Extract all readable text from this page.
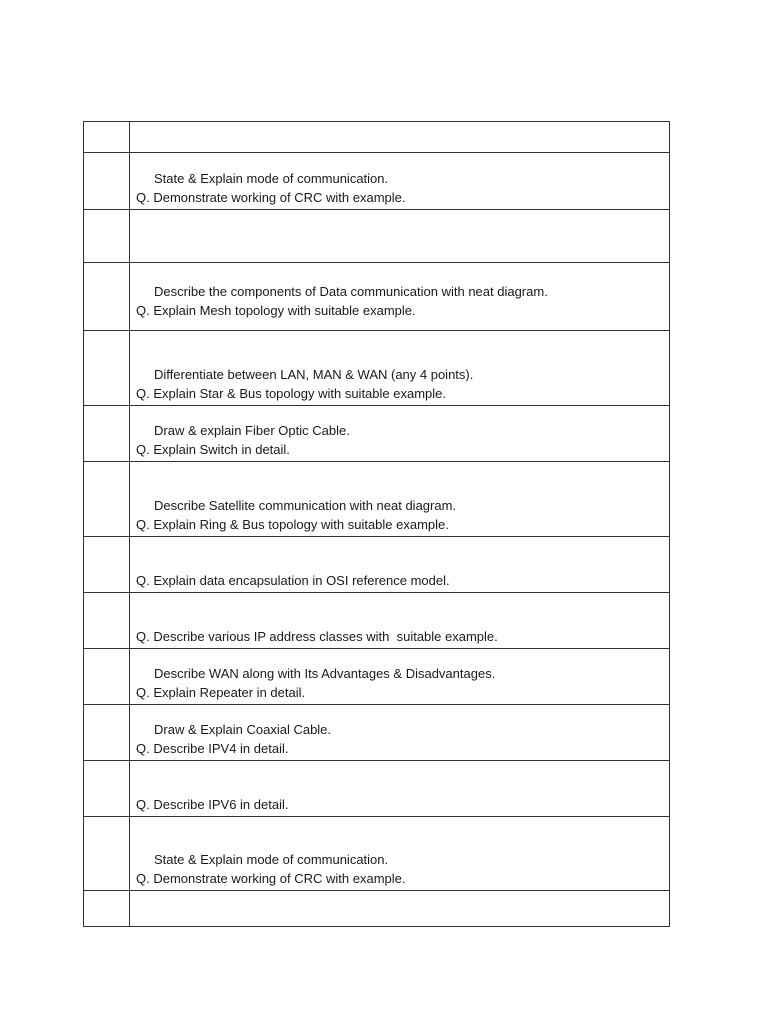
	State & Explain mode of communication.
Q. Demonstrate working of CRC with example.

	Describe the components of Data communication with neat diagram.
Q. Explain Mesh topology with suitable example.

	Differentiate between LAN, MAN & WAN (any 4 points).
Q. Explain Star & Bus topology with suitable example.

	Draw & explain Fiber Optic Cable.
Q. Explain Switch in detail.

	Describe Satellite communication with neat diagram.
Q. Explain Ring & Bus topology with suitable example.

	Q. Explain data encapsulation in OSI reference model.

	Q. Describe various IP address classes with  suitable example.

	Describe WAN along with Its Advantages & Disadvantages.
Q. Explain Repeater in detail.

	Draw & Explain Coaxial Cable.
Q. Describe IPV4 in detail.

	Q. Describe IPV6 in detail.

	State & Explain mode of communication.
Q. Demonstrate working of CRC with example.
